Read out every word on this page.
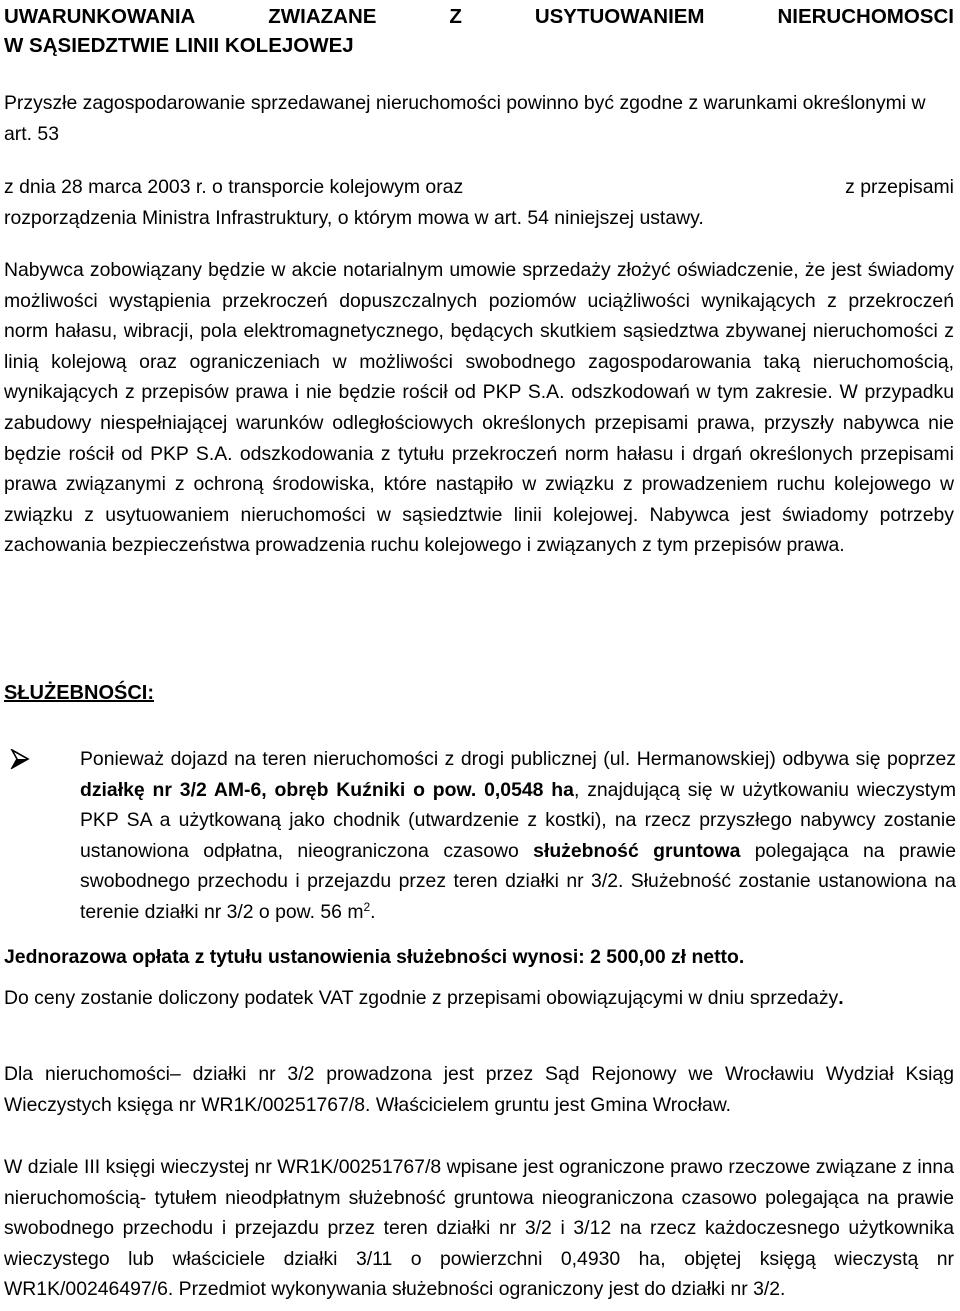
UWARUNKOWANIA	ZWIAZANE	Z	USYTUOWANIEM	NIERUCHOMOSCI
W SĄSIEDZTWIE LINII KOLEJOWEJ

Przyszłe zagospodarowanie sprzedawanej nieruchomości powinno być zgodne z warunkami określonymi w art. 53

z dnia 28 marca 2003 r. o transporcie kolejowym oraz	z przepisami
rozporządzenia Ministra Infrastruktury, o którym mowa w art. 54 niniejszej ustawy.

Nabywca zobowiązany będzie w akcie notarialnym umowie sprzedaży złożyć oświadczenie, że jest świadomy możliwości wystąpienia przekroczeń dopuszczalnych poziomów uciążliwości wynikających z przekroczeń norm hałasu, wibracji, pola elektromagnetycznego, będących skutkiem sąsiedztwa zbywanej nieruchomości z linią kolejową oraz ograniczeniach w możliwości swobodnego zagospodarowania taką nieruchomością, wynikających z przepisów prawa i nie będzie rościł od PKP S.A. odszkodowań w tym zakresie. W przypadku zabudowy niespełniającej warunków odległościowych określonych przepisami prawa, przyszły nabywca nie będzie rościł od PKP S.A. odszkodowania z tytułu przekroczeń norm hałasu i drgań określonych przepisami prawa związanymi z ochroną środowiska, które nastąpiło w związku z prowadzeniem ruchu kolejowego w związku z usytuowaniem nieruchomości w sąsiedztwie linii kolejowej. Nabywca jest świadomy potrzeby zachowania bezpieczeństwa prowadzenia ruchu kolejowego i związanych z tym przepisów prawa.

SŁUŻEBNOŚCI:
Ponieważ dojazd na teren nieruchomości z drogi publicznej (ul. Hermanowskiej) odbywa się poprzez działkę nr 3/2 AM-6, obręb Kuźniki o pow. 0,0548 ha, znajdującą się w użytkowaniu wieczystym PKP SA a użytkowaną jako chodnik (utwardzenie z kostki), na rzecz przyszłego nabywcy zostanie ustanowiona odpłatna, nieograniczona czasowo służebność gruntowa polegająca na prawie swobodnego przechodu i przejazdu przez teren działki nr 3/2. Służebność zostanie ustanowiona na terenie działki nr 3/2 o pow. 56 $m^2$.

Jednorazowa opłata z tytułu ustanowienia służebności wynosi: 2 500,00 zł netto.

Do ceny zostanie doliczony podatek VAT zgodnie z przepisami obowiązującymi w dniu sprzedaży.

Dla nieruchomości– działki nr 3/2 prowadzona jest przez Sąd Rejonowy we Wrocławiu Wydział Ksiąg Wieczystych księga nr WR1K/00251767/8. Właścicielem gruntu jest Gmina Wrocław.

W dziale III księgi wieczystej nr WR1K/00251767/8 wpisane jest ograniczone prawo rzeczowe związane z inna nieruchomością- tytułem nieodpłatnym służebność gruntowa nieograniczona czasowo polegająca na prawie swobodnego przechodu i przejazdu przez teren działki nr 3/2 i 3/12 na rzecz każdoczesnego użytkownika wieczystego lub właściciele działki 3/11 o powierzchni 0,4930 ha, objętej księgą wieczystą nr WR1K/00246497/6. Przedmiot wykonywania służebności ograniczony jest do działki nr 3/2.
